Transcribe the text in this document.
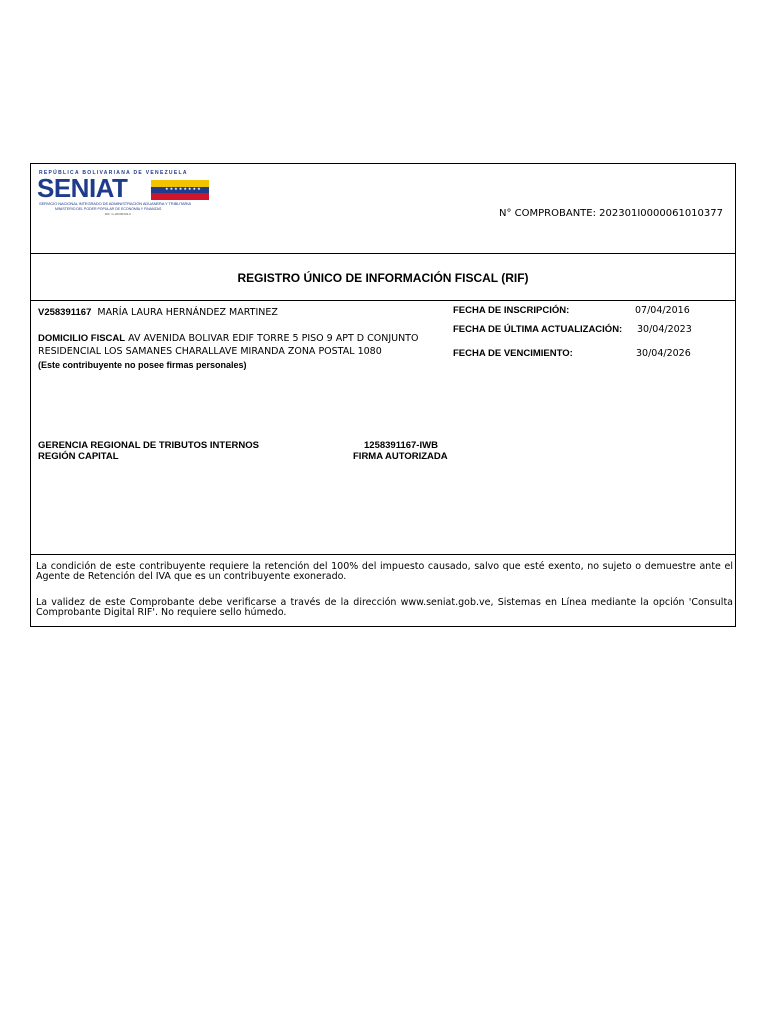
REPÚBLICA BOLIVARIANA DE VENEZUELA
SENIAT	★★★★★★★★
SERVICIO NACIONAL INTEGRADO DE ADMINISTRACIÓN ADUANERA Y TRIBUTARIA
MINISTERIO DEL PODER POPULAR DE ECONOMÍA Y FINANZAS
RIF: G-20000303-0	N° COMPROBANTE: 202301I0000061010377
REGISTRO ÚNICO DE INFORMACIÓN FISCAL (RIF)
V258391167 MARÍA LAURA HERNÁNDEZ MARTINEZ
DOMICILIO FISCAL AV AVENIDA BOLIVAR EDIF TORRE 5 PISO 9 APT D CONJUNTO
RESIDENCIAL LOS SAMANES CHARALLAVE MIRANDA ZONA POSTAL 1080
(Este contribuyente no posee firmas personales)
FECHA DE INSCRIPCIÓN:	07/04/2016
FECHA DE ÚLTIMA ACTUALIZACIÓN: 30/04/2023
FECHA DE VENCIMIENTO:	30/04/2026
GERENCIA REGIONAL DE TRIBUTOS INTERNOS
REGIÓN CAPITAL
1258391167-IWB
FIRMA AUTORIZADA
La condición de este contribuyente requiere la retención del 100% del impuesto causado, salvo que esté exento, no sujeto o demuestre ante el Agente de Retención del IVA que es un contribuyente exonerado.
La validez de este Comprobante debe verificarse a través de la dirección www.seniat.gob.ve, Sistemas en Línea mediante la opción 'Consulta Comprobante Digital RIF'. No requiere sello húmedo.
